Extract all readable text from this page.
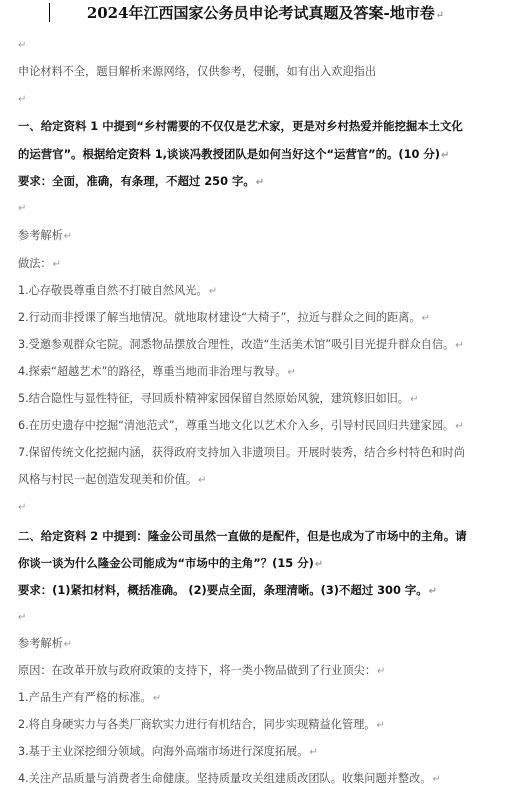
2024年江西国家公务员申论考试真题及答案-地市卷↵
↵
申论材料不全，题目解析来源网络，仅供参考，侵删，如有出入欢迎指出
↵
一、给定资料 1 中提到“乡村需要的不仅仅是艺术家，更是对乡村热爱并能挖掘本土文化
的运营官”。根据给定资料 1,谈谈冯教授团队是如何当好这个“运营官”的。(10 分)↵
要求：全面，准确，有条理，不超过 250 字。↵
↵
参考解析↵
做法：↵
1.心存敬畏尊重自然不打破自然风光。↵
2.行动而非授课了解当地情况。就地取材建设“大椅子”，拉近与群众之间的距离。↵
3.受邀参观群众宅院。洞悉物品摆放合理性，改造“生活美术馆”吸引目光提升群众自信。↵
4.探索“超越艺术”的路径，尊重当地而非治理与教导。↵
5.结合隐性与显性特征，寻回质朴精神家园保留自然原始风貌，建筑修旧如旧。↵
6.在历史遗存中挖掘“清池范式”，尊重当地文化以艺术介入乡，引导村民回归共建家园。↵
7.保留传统文化挖掘内涵，获得政府支持加入非遗项目。开展时装秀，结合乡村特色和时尚
风格与村民一起创造发现美和价值。↵
↵
二、给定资料 2 中提到：隆金公司虽然一直做的是配件，但是也成为了市场中的主角。请
你谈一谈为什么隆金公司能成为“市场中的主角”？(15 分)↵
要求：(1)紧扣材料，概括准确。 (2)要点全面，条理清晰。(3)不超过 300 字。↵
↵
参考解析↵
原因：在改革开放与政府政策的支持下，将一类小物品做到了行业顶尖：↵
1.产品生产有严格的标准。↵
2.将自身硬实力与各类厂商软实力进行有机结合，同步实现精益化管理。↵
3.基于主业深挖细分领域。向海外高端市场进行深度拓展。↵
4.关注产品质量与消费者生命健康。坚持质量攻关组建质改团队。收集问题并整改。↵
